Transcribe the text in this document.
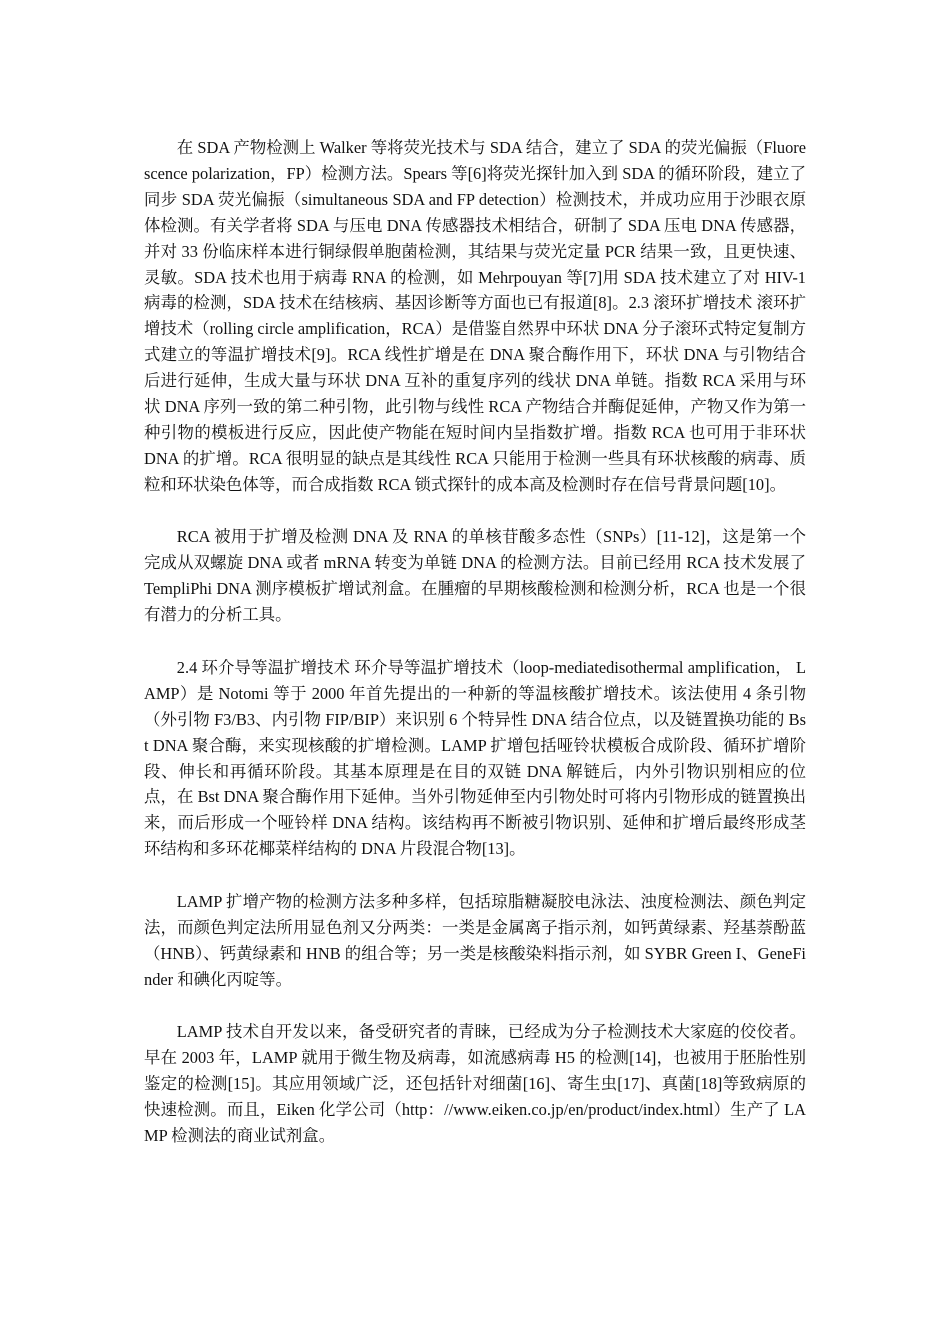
在 SDA 产物检测上 Walker 等将荧光技术与 SDA 结合，建立了 SDA 的荧光偏振（Fluorescence polarization，FP）检测方法。Spears 等[6]将荧光探针加入到 SDA 的循环阶段，建立了同步 SDA 荧光偏振（simultaneous SDA and FP detection）检测技术，并成功应用于沙眼衣原体检测。有关学者将 SDA 与压电 DNA 传感器技术相结合，研制了 SDA 压电 DNA 传感器，并对 33 份临床样本进行铜绿假单胞菌检测，其结果与荧光定量 PCR 结果一致，且更快速、灵敏。SDA 技术也用于病毒 RNA 的检测，如 Mehrpouyan 等[7]用 SDA 技术建立了对 HIV-1 病毒的检测，SDA 技术在结核病、基因诊断等方面也已有报道[8]。2.3 滚环扩增技术 滚环扩增技术（rolling circle amplification，RCA）是借鉴自然界中环状 DNA 分子滚环式特定复制方式建立的等温扩增技术[9]。RCA 线性扩增是在 DNA 聚合酶作用下，环状 DNA 与引物结合后进行延伸，生成大量与环状 DNA 互补的重复序列的线状 DNA 单链。指数 RCA 采用与环状 DNA 序列一致的第二种引物，此引物与线性 RCA 产物结合并酶促延伸，产物又作为第一种引物的模板进行反应，因此使产物能在短时间内呈指数扩增。指数 RCA 也可用于非环状 DNA 的扩增。RCA 很明显的缺点是其线性 RCA 只能用于检测一些具有环状核酸的病毒、质粒和环状染色体等，而合成指数 RCA 锁式探针的成本高及检测时存在信号背景问题[10]。

RCA 被用于扩增及检测 DNA 及 RNA 的单核苷酸多态性（SNPs）[11-12]，这是第一个完成从双螺旋 DNA 或者 mRNA 转变为单链 DNA 的检测方法。目前已经用 RCA 技术发展了 TempliPhi DNA 测序模板扩增试剂盒。在腫瘤的早期核酸检测和检测分析，RCA 也是一个很有潜力的分析工具。

2.4 环介导等温扩增技术 环介导等温扩增技术（loop-mediatedisothermal amplification， LAMP）是 Notomi 等于 2000 年首先提出的一种新的等温核酸扩增技术。该法使用 4 条引物（外引物 F3/B3、内引物 FIP/BIP）来识别 6 个特异性 DNA 结合位点，以及链置换功能的 Bst DNA 聚合酶，来实现核酸的扩增检测。LAMP 扩增包括哑铃状模板合成阶段、循环扩增阶段、伸长和再循环阶段。其基本原理是在目的双链 DNA 解链后，内外引物识别相应的位点，在 Bst DNA 聚合酶作用下延伸。当外引物延伸至内引物处时可将内引物形成的链置换出来，而后形成一个哑铃样 DNA 结构。该结构再不断被引物识别、延伸和扩增后最终形成茎环结构和多环花椰菜样结构的 DNA 片段混合物[13]。

LAMP 扩增产物的检测方法多种多样，包括琼脂糖凝胶电泳法、浊度检测法、颜色判定法，而颜色判定法所用显色剂又分两类：一类是金属离子指示剂，如钙黄绿素、羟基萘酚蓝（HNB）、钙黄绿素和 HNB 的组合等；另一类是核酸染料指示剂，如 SYBR Green I、GeneFinder 和碘化丙啶等。

LAMP 技术自开发以来，备受研究者的青睐，已经成为分子检测技术大家庭的佼佼者。早在 2003 年，LAMP 就用于微生物及病毒，如流感病毒 H5 的检测[14]，也被用于胚胎性别鉴定的检测[15]。其应用领域广泛，还包括针对细菌[16]、寄生虫[17]、真菌[18]等致病原的快速检测。而且，Eiken 化学公司（http：//www.eiken.co.jp/en/product/index.html）生产了 LAMP 检测法的商业试剂盒。
